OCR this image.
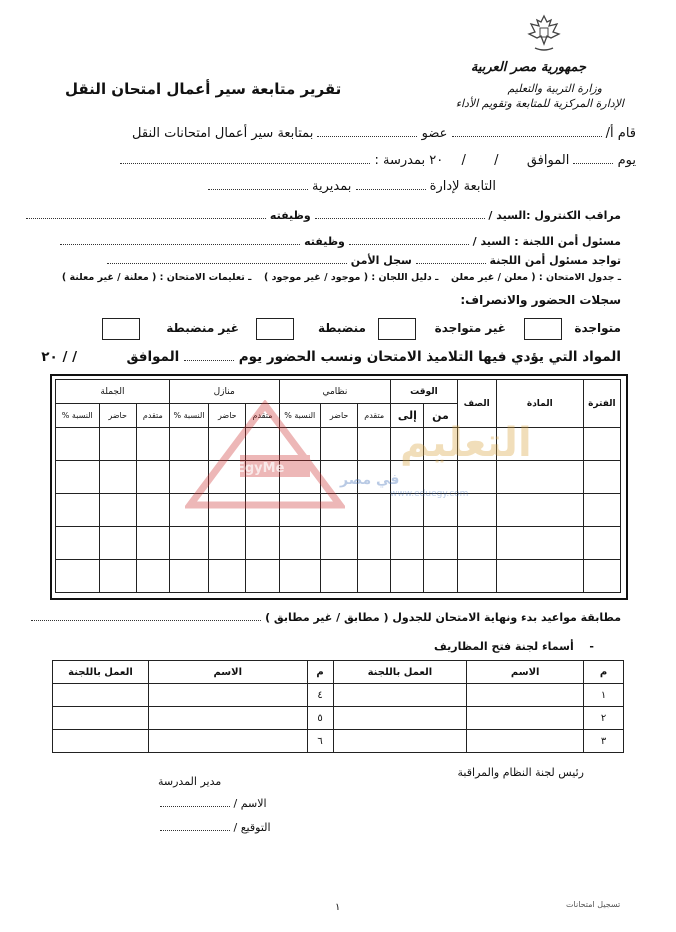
جمهورية مصر العربية
وزارة التربية والتعليم
الإدارة المركزية للمتابعة وتقويم الأداء
تقرير متابعة سير أعمال امتحان النقل
قام أ/  عضو  بمتابعة سير أعمال امتحانات النقل
يوم  الموافق  /  /  ٢٠ بمدرسة :
التابعة لإدارة  بمديرية
مراقب الكنترول :السيد /  وظيفته
مسئول أمن اللجنة : السيد /  وظيفته
تواجد مسئول أمن اللجنة  سجل الأمن
ـ جدول الامتحان : ( معلن / غير معلن  ـ دليل اللجان : ( موجود / غير موجود )  ـ تعليمات الامتحان : ( معلنة / غير معلنة )
سجلات الحضور والانصراف:
متواجدة
غير متواجدة
منضبطة
غير منضبطة
المواد التي يؤدي فيها التلاميذ الامتحان ونسب الحضور يوم  الموافق  / / ٢٠
الفترة	المادة	الصف	الوقت		نظامي			منازل			الجملة		
			من	إلى	متقدم	حاضر	النسبة %	متقدم	حاضر	النسبة %	متقدم	حاضر	النسبة %

EgyMe
التعليم
في مصر
www.eduegy.com
مطابقة مواعيد بدء ونهاية الامتحان للجدول ( مطابق / غير مطابق )
-  أسماء لجنة فتح المظاريف
م	الاسم	العمل باللجنة	م	الاسم	العمل باللجنة
١			٤		
٢			٥		
٣			٦		
رئيس لجنة النظام والمراقبة
مدير المدرسة
الاسم /
التوقيع /
١	تسجيل امتحانات
